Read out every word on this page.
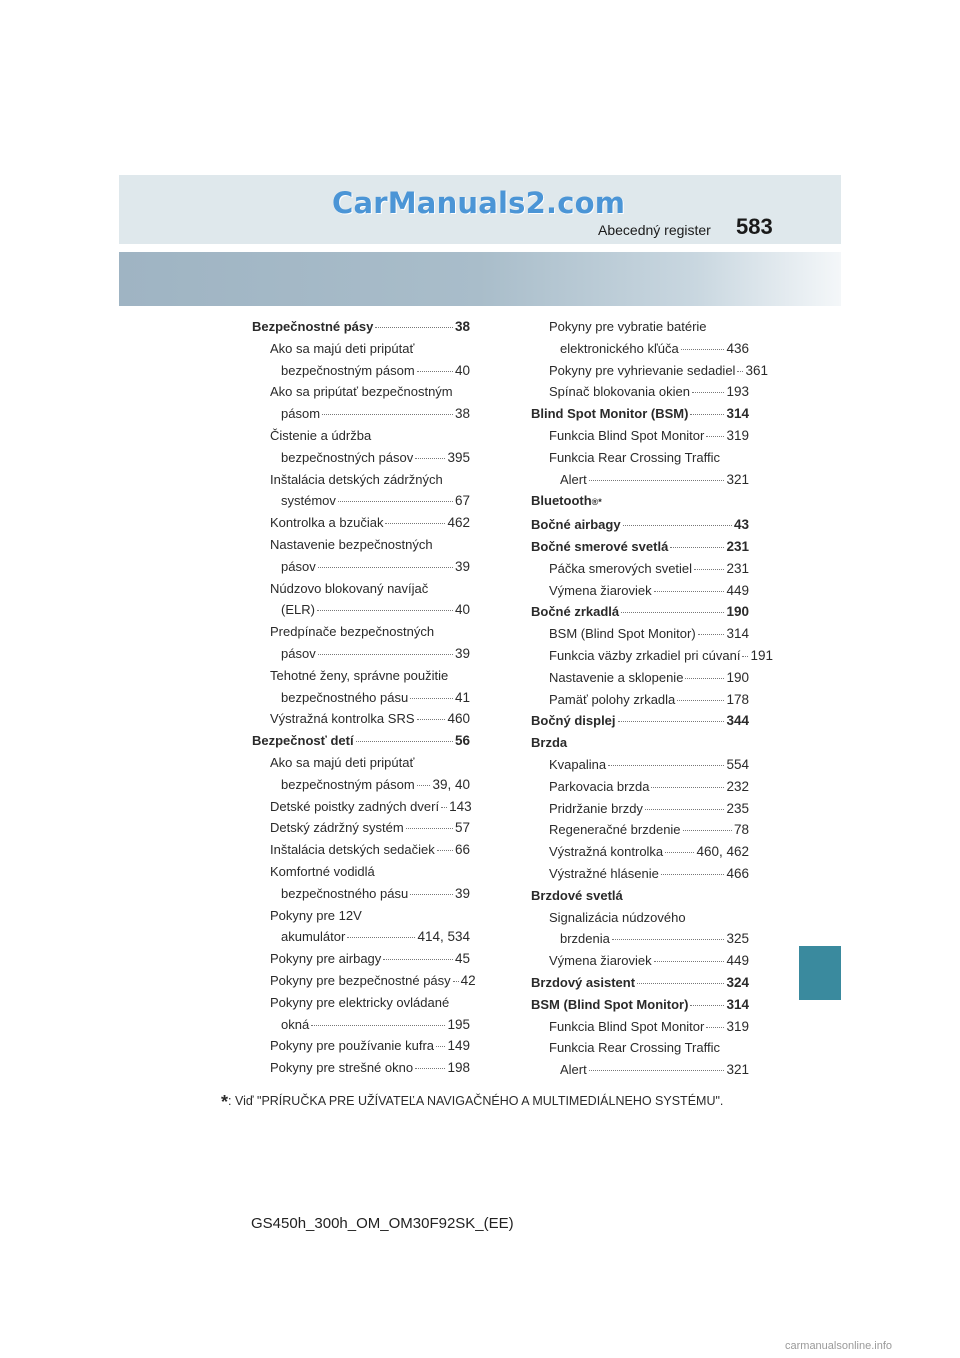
CarManuals2.com
Abecedný register 583
Bezpečnostné pásy	38
Ako sa majú deti pripútať
bezpečnostným pásom	40
Ako sa pripútať bezpečnostným
pásom	38
Čistenie a údržba
bezpečnostných pásov	395
Inštalácia detských zádržných
systémov	67
Kontrolka a bzučiak	462
Nastavenie bezpečnostných
pásov	39
Núdzovo blokovaný navíjač
(ELR)	40
Predpínače bezpečnostných
pásov	39
Tehotné ženy, správne použitie
bezpečnostného pásu	41
Výstražná kontrolka SRS 460
Bezpečnosť detí	56
Ako sa majú deti pripútať
bezpečnostným pásom 39, 40
Detské poistky zadných dverí 143
Detský zádržný systém	57
Inštalácia detských sedačiek 66
Komfortné vodidlá
bezpečnostného pásu	39
Pokyny pre 12V
akumulátor	414, 534
Pokyny pre airbagy	45
Pokyny pre bezpečnostné pásy 42
Pokyny pre elektricky ovládané
okná	195
Pokyny pre používanie kufra 149
Pokyny pre strešné okno	198
Pokyny pre vybratie batérie
elektronického kľúča	436
Pokyny pre vyhrievanie sedadiel 361
Spínač blokovania okien	193
Blind Spot Monitor (BSM)	314
Funkcia Blind Spot Monitor 319
Funkcia Rear Crossing Traffic
Alert	321
Bluetooth ®*
Bočné airbagy	43
Bočné smerové svetlá	231
Páčka smerových svetiel	231
Výmena žiaroviek	449
Bočné zrkadlá	190
BSM (Blind Spot Monitor) 314
Funkcia väzby zrkadiel pri cúvaní 191
Nastavenie a sklopenie	190
Pamäť polohy zrkadla	178
Bočný displej	344
Brzda
Kvapalina	554
Parkovacia brzda	232
Pridržanie brzdy	235
Regeneračné brzdenie	78
Výstražná kontrolka 460, 462
Výstražné hlásenie	466
Brzdové svetlá
Signalizácia núdzového
brzdenia	325
Výmena žiaroviek	449
Brzdový asistent	324
BSM (Blind Spot Monitor)	314
Funkcia Blind Spot Monitor 319
Funkcia Rear Crossing Traffic
Alert	321
*: Viď "PRÍRUČKA PRE UŽÍVATEĽA NAVIGAČNÉHO A MULTIMEDIÁLNEHO SYSTÉMU".
GS450h_300h_OM_OM30F92SK_(EE)
carmanualsonline.info
